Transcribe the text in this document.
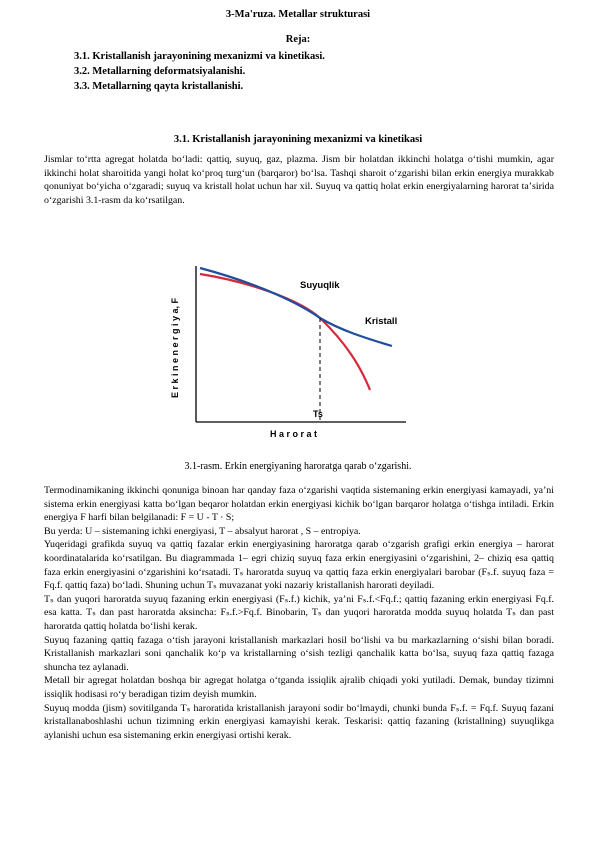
3-Ma'ruza. Metallar strukturasi
Reja:
3.1. Kristallanish jarayonining mexanizmi va kinetikasi.
3.2. Metallarning deformatsiyalanishi.
3.3. Metallarning qayta kristallanishi.
3.1. Kristallanish jarayonining mexanizmi va kinetikasi
Jismlar toʻrtta agregat holatda boʻladi: qattiq, suyuq, gaz, plazma. Jism bir holatdan ikkinchi holatga oʻtishi mumkin, agar ikkinchi holat sharoitida yangi holat koʻproq turgʻun (barqaror) boʻlsa. Tashqi sharoit oʻzgarishi bilan erkin energiya murakkab qonuniyat boʻyicha oʻzgaradi; suyuq va kristall holat uchun har xil. Suyuq va qattiq holat erkin energiyalarning harorat taʼsirida oʻzgarishi 3.1-rasm da koʻrsatilgan.
Suyuqlik
Kristall
Ts
H a r o r a t
E r k i n e n e r g i y a, F
3.1-rasm. Erkin energiyaning haroratga qarab oʻzgarishi.

Termodinamikaning ikkinchi qonuniga binoan har qanday faza oʻzgarishi vaqtida sistemaning erkin energiyasi kamayadi, yaʼni sistema erkin energiyasi katta boʻlgan beqaror holatdan erkin energiyasi kichik boʻlgan barqaror holatga oʻtishga intiladi. Erkin energiya F harfi bilan belgilanadi: F = U - T · S;

Bu yerda: U – sistemaning ichki energiyasi, T – absalyut harorat , S – entropiya.

Yuqeridagi grafikda suyuq va qattiq fazalar erkin energiyasining haroratga qarab oʻzgarish grafigi erkin energiya – harorat koordinatalarida koʻrsatilgan. Bu diagrammada 1– egri chiziq suyuq faza erkin energiyasini oʻzgarishini, 2– chiziq esa qattiq faza erkin energiyasini oʻzgarishini koʻrsatadi. Tₛ haroratda suyuq va qattiq faza erkin energiyalari barobar (Fₛ.f. suyuq faza = Fq.f. qattiq faza) boʻladi. Shuning uchun Tₛ muvazanat yoki nazariy kristallanish harorati deyiladi.

Tₛ dan yuqori haroratda suyuq fazaning erkin energiyasi (Fₛ.f.) kichik, yaʼni Fₛ.f.<Fq.f.; qattiq fazaning erkin energiyasi Fq.f. esa katta. Tₛ dan past haroratda aksincha: Fₛ.f.>Fq.f. Binobarin, Tₛ dan yuqori haroratda modda suyuq holatda Tₛ dan past haroratda qattiq holatda boʻlishi kerak.

Suyuq fazaning qattiq fazaga oʻtish jarayoni kristallanish markazlari hosil boʻlishi va bu markazlarning oʻsishi bilan boradi. Kristallanish markazlari soni qanchalik koʻp va kristallarning oʻsish tezligi qanchalik katta boʻlsa, suyuq faza qattiq fazaga shuncha tez aylanadi.

Metall bir agregat holatdan boshqa bir agregat holatga oʻtganda issiqlik ajralib chiqadi yoki yutiladi. Demak, bunday tizimni issiqlik hodisasi roʻy beradigan tizim deyish mumkin.

Suyuq modda (jism) sovitilganda Tₛ haroratida kristallanish jarayoni sodir boʻlmaydi, chunki bunda Fₛ.f. = Fq.f. Suyuq fazani kristallanaboshlashi uchun tizimning erkin energiyasi kamayishi kerak. Teskarisi: qattiq fazaning (kristallning) suyuqlikga aylanishi uchun esa sistemaning erkin energiyasi ortishi kerak.
